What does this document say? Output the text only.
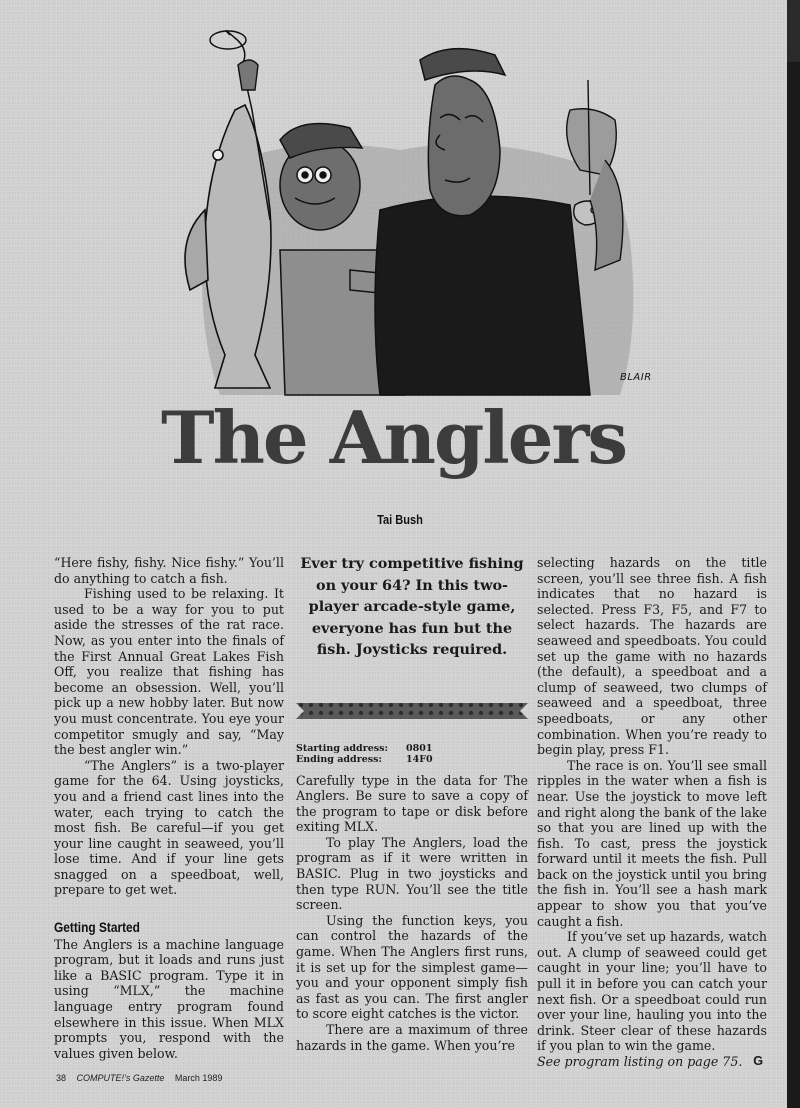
BLAIR
The Anglers
Tai Bush

“Here fishy, fishy. Nice fishy.” You’ll do anything to catch a fish.

Fishing used to be relaxing. It used to be a way for you to put aside the stresses of the rat race. Now, as you enter into the finals of the First Annual Great Lakes Fish Off, you realize that fishing has become an obsession. Well, you’ll pick up a new hobby later. But now you must concentrate. You eye your competitor smugly and say, “May the best angler win.”

“The Anglers” is a two-player game for the 64. Using joysticks, you and a friend cast lines into the water, each trying to catch the most fish. Be careful—if you get your line caught in seaweed, you’ll lose time. And if your line gets snagged on a speedboat, well, prepare to get wet.

Getting Started

The Anglers is a machine language program, but it loads and runs just like a BASIC program. Type it in using “MLX,” the machine language entry program found elsewhere in this issue. When MLX prompts you, respond with the values given below.

Ever try competitive fishing on your 64? In this two-player arcade-style game, everyone has fun but the fish. Joysticks required.
Starting address:	0801
Ending address:	14F0

Carefully type in the data for The Anglers. Be sure to save a copy of the program to tape or disk before exiting MLX.

To play The Anglers, load the program as if it were written in BASIC. Plug in two joysticks and then type RUN. You’ll see the title screen.

Using the function keys, you can control the hazards of the game. When The Anglers first runs, it is set up for the simplest game—you and your opponent simply fish as fast as you can. The first angler to score eight catches is the victor.

There are a maximum of three hazards in the game. When you’re

selecting hazards on the title screen, you’ll see three fish. A fish indicates that no hazard is selected. Press F3, F5, and F7 to select hazards. The hazards are seaweed and speedboats. You could set up the game with no hazards (the default), a speedboat and a clump of seaweed, two clumps of seaweed and a speedboat, three speedboats, or any other combination. When you’re ready to begin play, press F1.

The race is on. You’ll see small ripples in the water when a fish is near. Use the joystick to move left and right along the bank of the lake so that you are lined up with the fish. To cast, press the joystick forward until it meets the fish. Pull back on the joystick until you bring the fish in. You’ll see a hash mark appear to show you that you’ve caught a fish.

If you’ve set up hazards, watch out. A clump of seaweed could get caught in your line; you’ll have to pull it in before you can catch your next fish. Or a speedboat could run over your line, hauling you into the drink. Steer clear of these hazards if you plan to win the game.

See program listing on page 75. G

38 COMPUTE!’s Gazette March 1989
